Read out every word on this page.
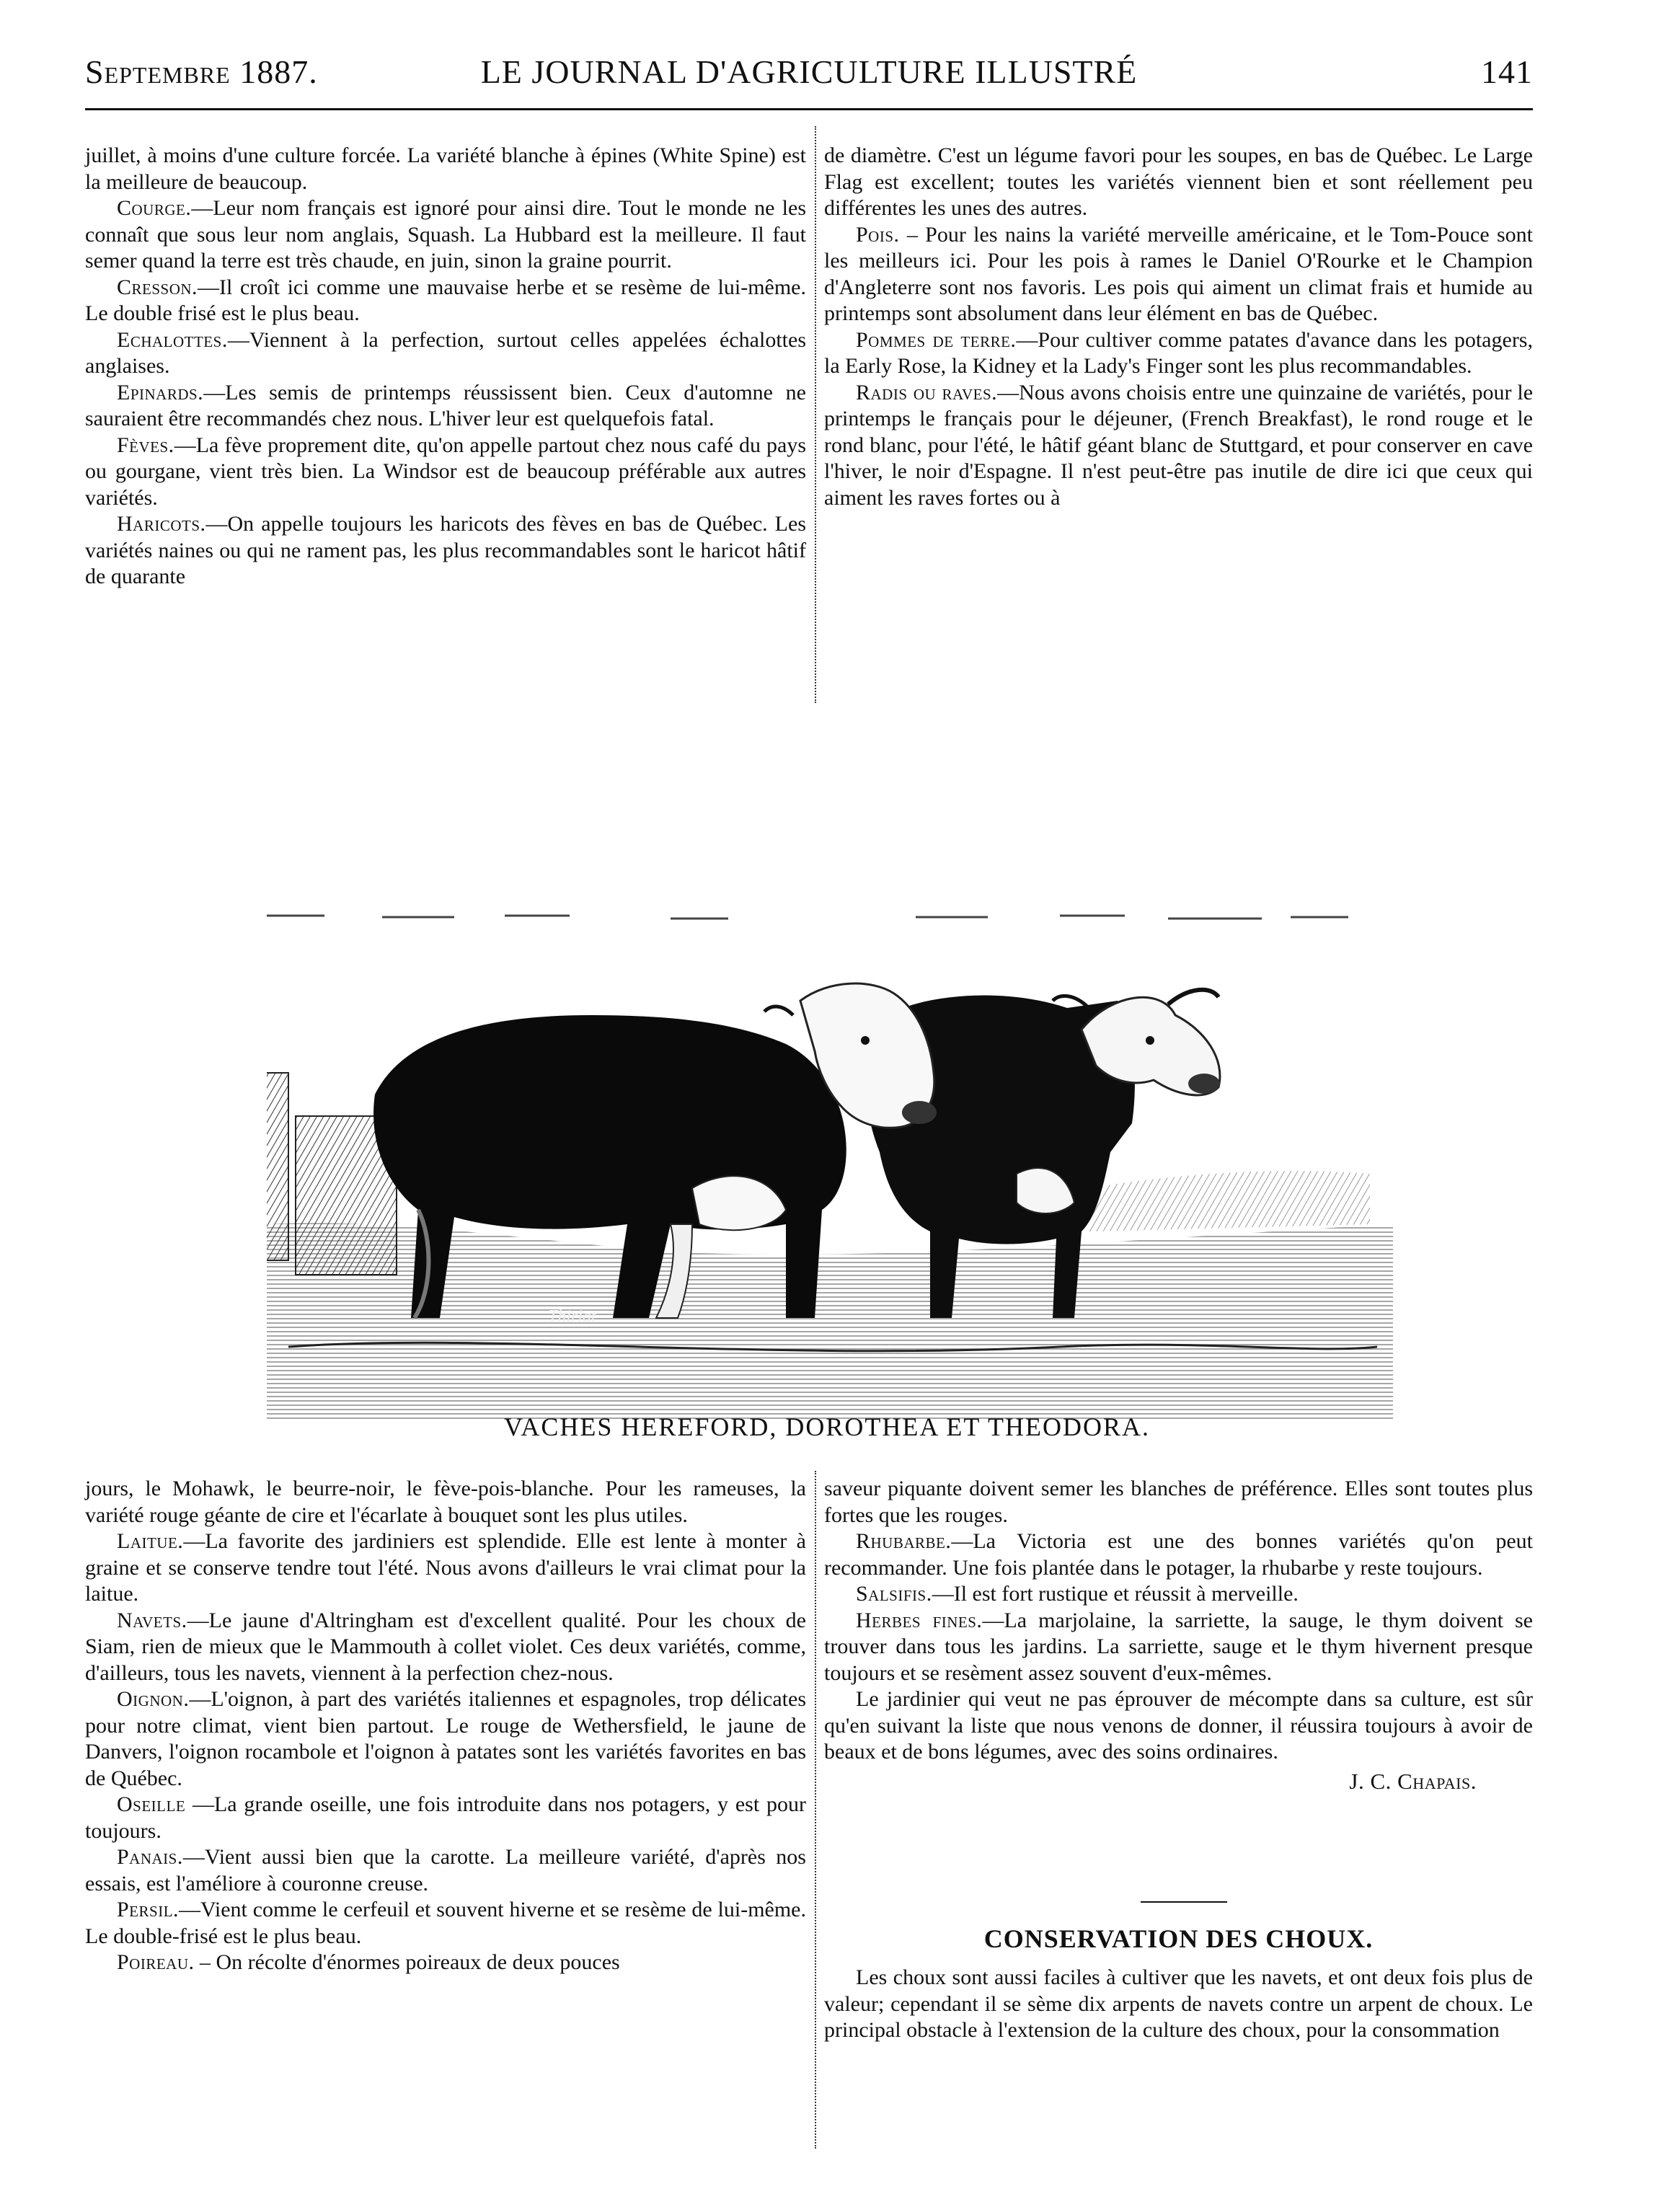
Septembre 1887.	LE JOURNAL D'AGRICULTURE ILLUSTRÉ	141

juillet, à moins d'une culture forcée. La variété blanche à épines (White Spine) est la meilleure de beaucoup.

Courge.—Leur nom français est ignoré pour ainsi dire. Tout le monde ne les connaît que sous leur nom anglais, Squash. La Hubbard est la meilleure. Il faut semer quand la terre est très chaude, en juin, sinon la graine pourrit.

Cresson.—Il croît ici comme une mauvaise herbe et se resème de lui-même. Le double frisé est le plus beau.

Echalottes.—Viennent à la perfection, surtout celles appelées échalottes anglaises.

Epinards.—Les semis de printemps réussissent bien. Ceux d'automne ne sauraient être recommandés chez nous. L'hiver leur est quelquefois fatal.

Fèves.—La fève proprement dite, qu'on appelle partout chez nous café du pays ou gourgane, vient très bien. La Windsor est de beaucoup préférable aux autres variétés.

Haricots.—On appelle toujours les haricots des fèves en bas de Québec. Les variétés naines ou qui ne rament pas, les plus recommandables sont le haricot hâtif de quarante

de diamètre. C'est un légume favori pour les soupes, en bas de Québec. Le Large Flag est excellent; toutes les variétés viennent bien et sont réellement peu différentes les unes des autres.

Pois. – Pour les nains la variété merveille américaine, et le Tom-Pouce sont les meilleurs ici. Pour les pois à rames le Daniel O'Rourke et le Champion d'Angleterre sont nos favoris. Les pois qui aiment un climat frais et humide au printemps sont absolument dans leur élément en bas de Québec.

Pommes de terre.—Pour cultiver comme patates d'avance dans les potagers, la Early Rose, la Kidney et la Lady's Finger sont les plus recommandables.

Radis ou raves.—Nous avons choisis entre une quinzaine de variétés, pour le printemps le français pour le déjeuner, (French Breakfast), le rond rouge et le rond blanc, pour l'été, le hâtif géant blanc de Stuttgard, et pour conserver en cave l'hiver, le noir d'Espagne. Il n'est peut-être pas inutile de dire ici que ceux qui aiment les raves fortes ou à

Thiriat
VACHES HEREFORD, DOROTHEA ET THEODORA.

jours, le Mohawk, le beurre-noir, le fève-pois-blanche. Pour les rameuses, la variété rouge géante de cire et l'écarlate à bouquet sont les plus utiles.

Laitue.—La favorite des jardiniers est splendide. Elle est lente à monter à graine et se conserve tendre tout l'été. Nous avons d'ailleurs le vrai climat pour la laitue.

Navets.—Le jaune d'Altringham est d'excellent qualité. Pour les choux de Siam, rien de mieux que le Mammouth à collet violet. Ces deux variétés, comme, d'ailleurs, tous les navets, viennent à la perfection chez-nous.

Oignon.—L'oignon, à part des variétés italiennes et espagnoles, trop délicates pour notre climat, vient bien partout. Le rouge de Wethersfield, le jaune de Danvers, l'oignon rocambole et l'oignon à patates sont les variétés favorites en bas de Québec.

Oseille —La grande oseille, une fois introduite dans nos potagers, y est pour toujours.

Panais.—Vient aussi bien que la carotte. La meilleure variété, d'après nos essais, est l'améliore à couronne creuse.

Persil.—Vient comme le cerfeuil et souvent hiverne et se resème de lui-même. Le double-frisé est le plus beau.

Poireau. – On récolte d'énormes poireaux de deux pouces

saveur piquante doivent semer les blanches de préférence. Elles sont toutes plus fortes que les rouges.

Rhubarbe.—La Victoria est une des bonnes variétés qu'on peut recommander. Une fois plantée dans le potager, la rhubarbe y reste toujours.

Salsifis.—Il est fort rustique et réussit à merveille.

Herbes fines.—La marjolaine, la sarriette, la sauge, le thym doivent se trouver dans tous les jardins. La sarriette, sauge et le thym hivernent presque toujours et se resèment assez souvent d'eux-mêmes.

Le jardinier qui veut ne pas éprouver de mécompte dans sa culture, est sûr qu'en suivant la liste que nous venons de donner, il réussira toujours à avoir de beaux et de bons légumes, avec des soins ordinaires.

J. C. Chapais.

CONSERVATION DES CHOUX.

Les choux sont aussi faciles à cultiver que les navets, et ont deux fois plus de valeur; cependant il se sème dix arpents de navets contre un arpent de choux. Le principal obstacle à l'extension de la culture des choux, pour la consommation
